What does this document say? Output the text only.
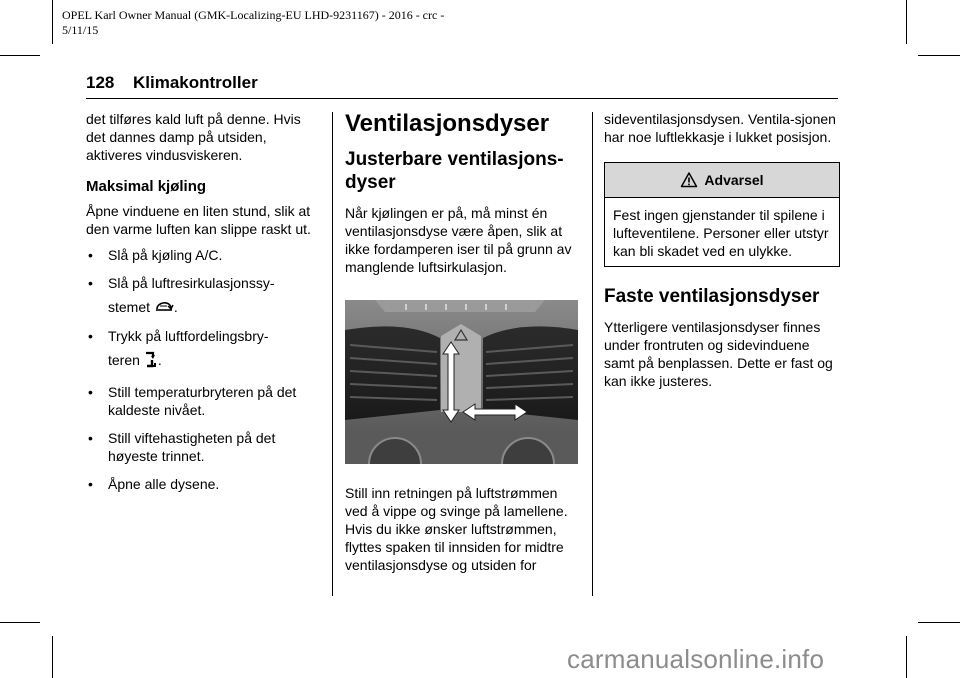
OPEL Karl Owner Manual (GMK-Localizing-EU LHD-9231167) - 2016 - crc -
5/11/15
128 Klimakontroller

det tilføres kald luft på denne. Hvis det dannes damp på utsiden, aktiveres vindusviskeren.

Maksimal kjøling

Åpne vinduene en liten stund, slik at den varme luften kan slippe raskt ut.

• Slå på kjøling A/C.
• Slå på luftresirkulasjonssy-
stemet .
• Trykk på luftfordelingsbry-
teren .
• Still temperaturbryteren på det kaldeste nivået.
• Still viftehastigheten på det høyeste trinnet.
• Åpne alle dysene.
Ventilasjonsdyser
Justerbare ventilasjons-dyser

Når kjølingen er på, må minst én ventilasjonsdyse være åpen, slik at ikke fordamperen iser til på grunn av manglende luftsirkulasjon.

Still inn retningen på luftstrømmen ved å vippe og svinge på lamellene. Hvis du ikke ønsker luftstrømmen, flyttes spaken til innsiden for midtre ventilasjonsdyse og utsiden for

sideventilasjonsdysen. Ventila-sjonen har noe luftlekkasje i lukket posisjon.

Advarsel
Fest ingen gjenstander til spilene i lufteventilene. Personer eller utstyr kan bli skadet ved en ulykke.
Faste ventilasjonsdyser

Ytterligere ventilasjonsdyser finnes under frontruten og sidevinduene samt på benplassen. Dette er fast og kan ikke justeres.

carmanualsonline.info
